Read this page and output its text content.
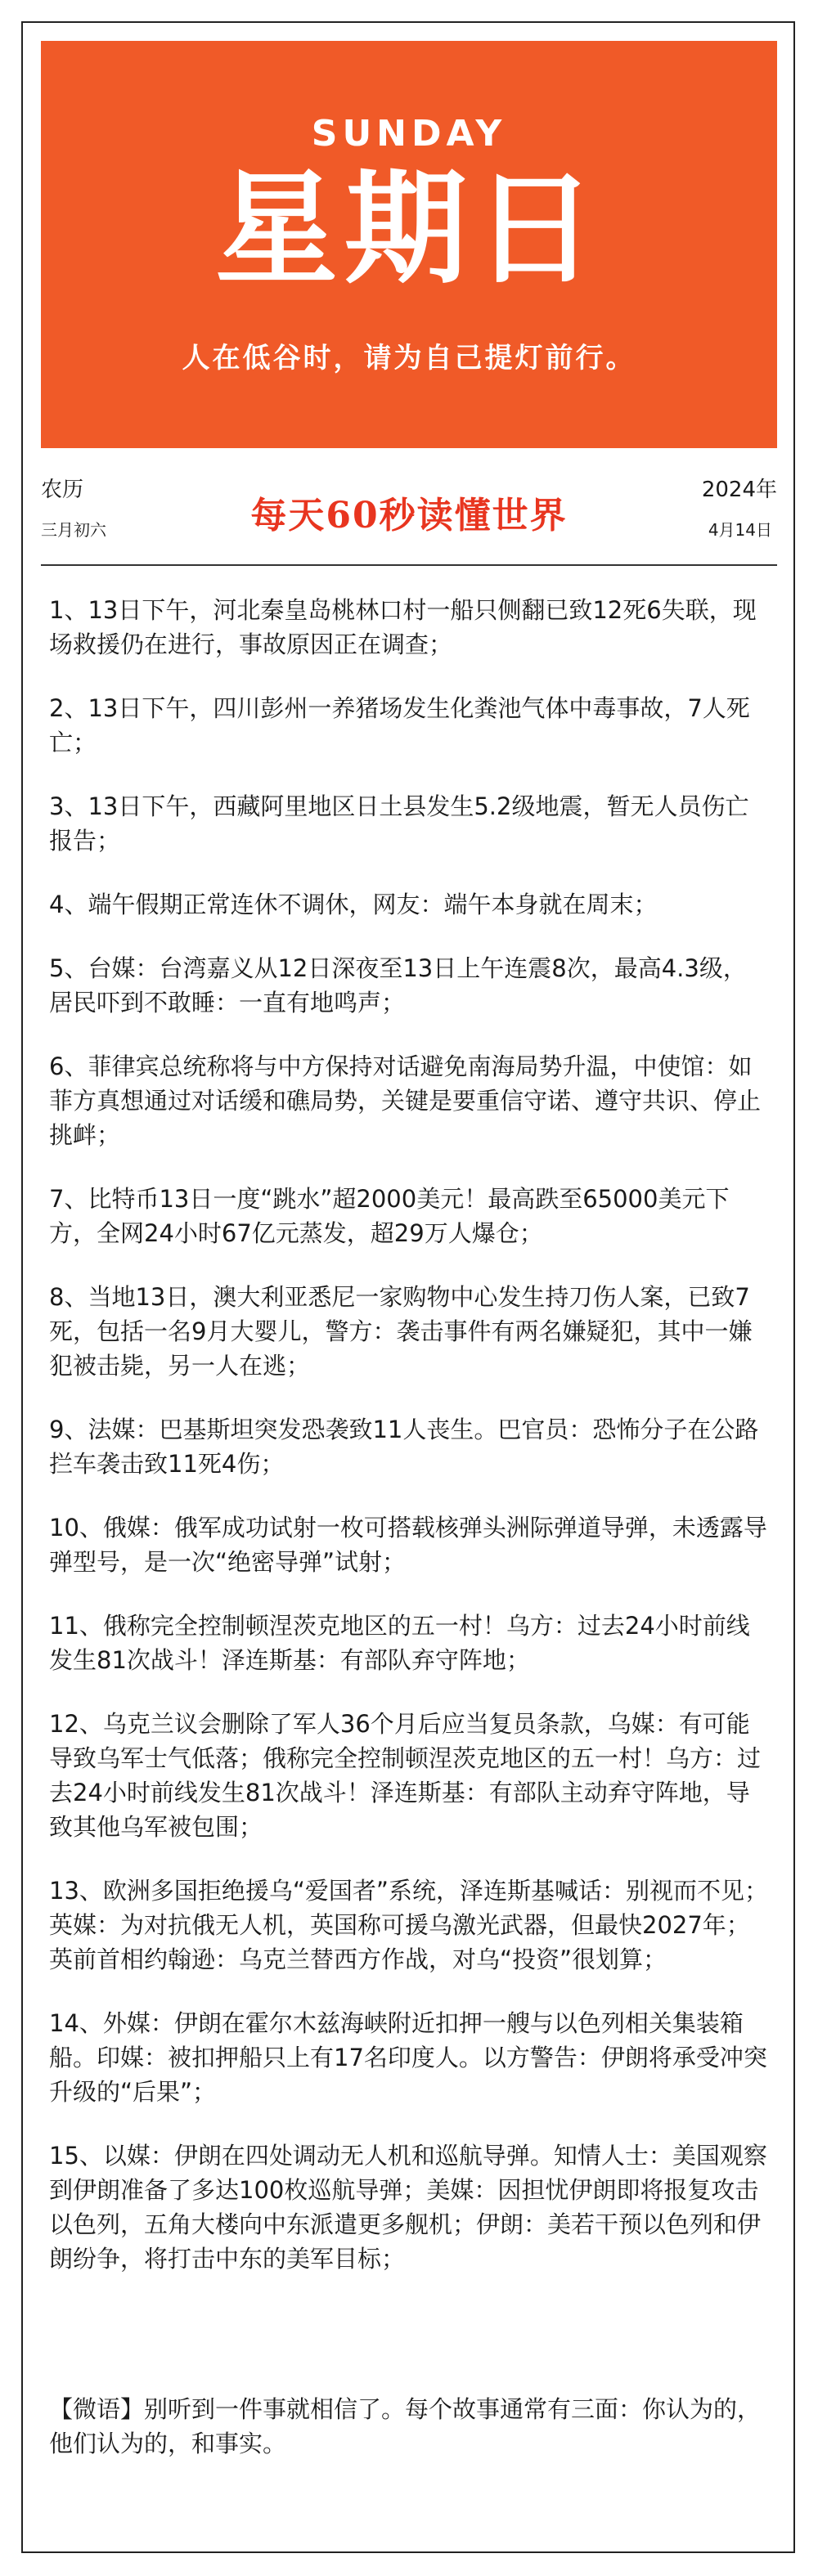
SUNDAY
星期日
人在低谷时，请为自己提灯前行。
农历
三月初六	每天60秒读懂世界
2024年
4月14日
1、13日下午，河北秦皇岛桃林口村一船只侧翻已致12死6失联，现场救援仍在进行，事故原因正在调查；
2、13日下午，四川彭州一养猪场发生化粪池气体中毒事故，7人死亡；
3、13日下午，西藏阿里地区日土县发生5.2级地震，暂无人员伤亡报告；
4、端午假期正常连休不调休，网友：端午本身就在周末；
5、台媒：台湾嘉义从12日深夜至13日上午连震8次，最高4.3级，居民吓到不敢睡：一直有地鸣声；
6、菲律宾总统称将与中方保持对话避免南海局势升温，中使馆：如菲方真想通过对话缓和礁局势，关键是要重信守诺、遵守共识、停止挑衅；
7、比特币13日一度“跳水”超2000美元！最高跌至65000美元下方，全网24小时67亿元蒸发，超29万人爆仓；
8、当地13日，澳大利亚悉尼一家购物中心发生持刀伤人案，已致7死，包括一名9月大婴儿，警方：袭击事件有两名嫌疑犯，其中一嫌犯被击毙，另一人在逃；
9、法媒：巴基斯坦突发恐袭致11人丧生。巴官员：恐怖分子在公路拦车袭击致11死4伤；
10、俄媒：俄军成功试射一枚可搭载核弹头洲际弹道导弹，未透露导弹型号，是一次“绝密导弹”试射；
11、俄称完全控制顿涅茨克地区的五一村！乌方：过去24小时前线发生81次战斗！泽连斯基：有部队弃守阵地；
12、乌克兰议会删除了军人36个月后应当复员条款，乌媒：有可能导致乌军士气低落；俄称完全控制顿涅茨克地区的五一村！乌方：过去24小时前线发生81次战斗！泽连斯基：有部队主动弃守阵地，导致其他乌军被包围；
13、欧洲多国拒绝援乌“爱国者”系统，泽连斯基喊话：别视而不见；英媒：为对抗俄无人机，英国称可援乌激光武器，但最快2027年；英前首相约翰逊：乌克兰替西方作战，对乌“投资”很划算；
14、外媒：伊朗在霍尔木兹海峡附近扣押一艘与以色列相关集装箱船。印媒：被扣押船只上有17名印度人。以方警告：伊朗将承受冲突升级的“后果”；
15、以媒：伊朗在四处调动无人机和巡航导弹。知情人士：美国观察到伊朗准备了多达100枚巡航导弹；美媒：因担忧伊朗即将报复攻击以色列，五角大楼向中东派遣更多舰机；伊朗：美若干预以色列和伊朗纷争，将打击中东的美军目标；

【微语】别听到一件事就相信了。每个故事通常有三面：你认为的，他们认为的，和事实。
